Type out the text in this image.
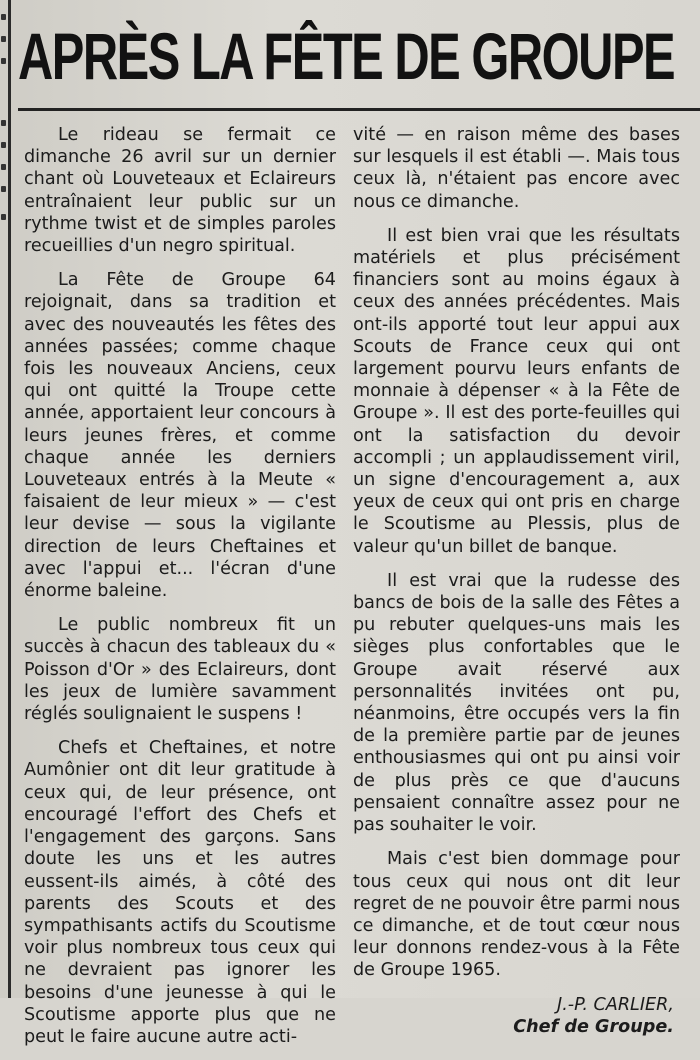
APRÈS LA FÊTE DE GROUPE

Le rideau se fermait ce dimanche 26 avril sur un dernier chant où Louveteaux et Eclaireurs entraînaient leur public sur un rythme twist et de simples paroles recueillies d'un negro spiritual.

La Fête de Groupe 64 rejoignait, dans sa tradition et avec des nouveautés les fêtes des années passées; comme chaque fois les nouveaux Anciens, ceux qui ont quitté la Troupe cette année, apportaient leur concours à leurs jeunes frères, et comme chaque année les derniers Louveteaux entrés à la Meute « faisaient de leur mieux » — c'est leur devise — sous la vigilante direction de leurs Cheftaines et avec l'appui et... l'écran d'une énorme baleine.

Le public nombreux fit un succès à chacun des tableaux du « Poisson d'Or » des Eclaireurs, dont les jeux de lumière savamment réglés soulignaient le suspens !

Chefs et Cheftaines, et notre Aumônier ont dit leur gratitude à ceux qui, de leur présence, ont encouragé l'effort des Chefs et l'engagement des garçons. Sans doute les uns et les autres eussent-ils aimés, à côté des parents des Scouts et des sympathisants actifs du Scoutisme voir plus nombreux tous ceux qui ne devraient pas ignorer les besoins d'une jeunesse à qui le Scoutisme apporte plus que ne peut le faire aucune autre acti-

vité — en raison même des bases sur lesquels il est établi —. Mais tous ceux là, n'étaient pas encore avec nous ce dimanche.

Il est bien vrai que les résultats matériels et plus précisément financiers sont au moins égaux à ceux des années précédentes. Mais ont-ils apporté tout leur appui aux Scouts de France ceux qui ont largement pourvu leurs enfants de monnaie à dépenser « à la Fête de Groupe ». Il est des porte-feuilles qui ont la satisfaction du devoir accompli ; un applaudissement viril, un signe d'encouragement a, aux yeux de ceux qui ont pris en charge le Scoutisme au Plessis, plus de valeur qu'un billet de banque.

Il est vrai que la rudesse des bancs de bois de la salle des Fêtes a pu rebuter quelques-uns mais les sièges plus confortables que le Groupe avait réservé aux personnalités invitées ont pu, néanmoins, être occupés vers la fin de la première partie par de jeunes enthousiasmes qui ont pu ainsi voir de plus près ce que d'aucuns pensaient connaître assez pour ne pas souhaiter le voir.

Mais c'est bien dommage pour tous ceux qui nous ont dit leur regret de ne pouvoir être parmi nous ce dimanche, et de tout cœur nous leur donnons rendez-vous à la Fête de Groupe 1965.

J.-P. CARLIER,
Chef de Groupe.
